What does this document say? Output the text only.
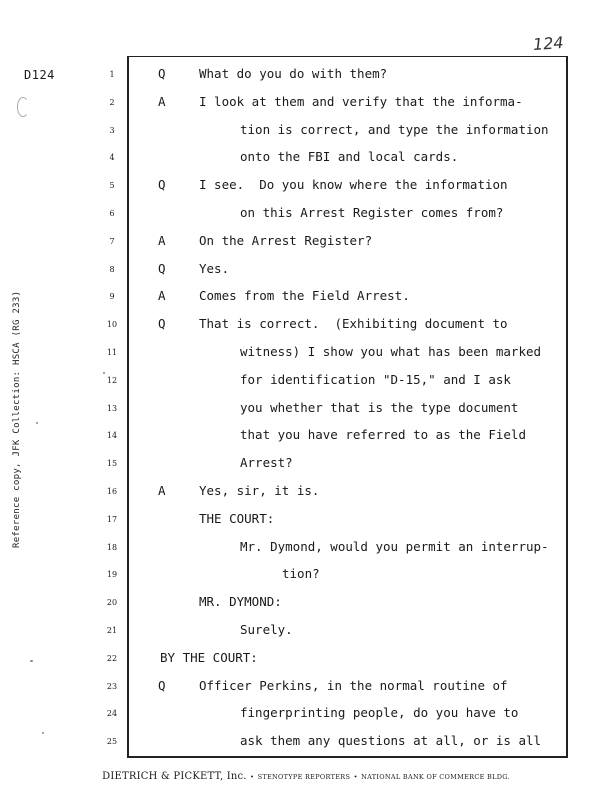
D124
124
Reference copy, JFK Collection: HSCA (RG 233)
1	Q	What do you do with them?
2	A	I look at them and verify that the informa-
3	tion is correct, and type the information
4	onto the FBI and local cards.
5	Q	I see.  Do you know where the information
6	on this Arrest Register comes from?
7	A	On the Arrest Register?
8	Q	Yes.
9	A	Comes from the Field Arrest.
10	Q	That is correct.  (Exhibiting document to
11	witness) I show you what has been marked
12	for identification "D-15," and I ask
13	you whether that is the type document
14	that you have referred to as the Field
15	Arrest?
16	A	Yes, sir, it is.
17	THE COURT:
18	Mr. Dymond, would you permit an interrup-
19	tion?
20	MR. DYMOND:
21	Surely.
22	BY THE COURT:
23	Q	Officer Perkins, in the normal routine of
24	fingerprinting people, do you have to
25	ask them any questions at all, or is all
DIETRICH & PICKETT, Inc. • STENOTYPE REPORTERS • NATIONAL BANK OF COMMERCE BLDG.
